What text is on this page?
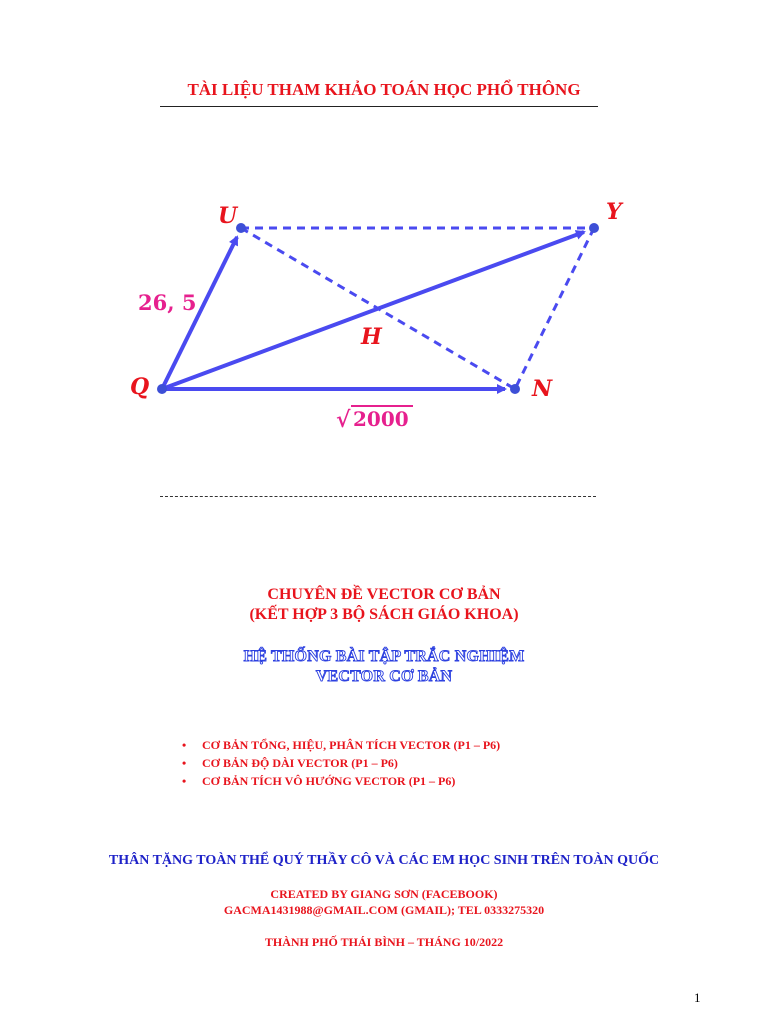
TÀI LIỆU THAM KHẢO TOÁN HỌC PHỔ THÔNG
U	Y
Q	N
H
26, 5
√ 2000
CHUYÊN ĐỀ VECTOR CƠ BẢN
(KẾT HỢP 3 BỘ SÁCH GIÁO KHOA)
HỆ THỐNG BÀI TẬP TRẮC NGHIỆM
VECTOR CƠ BẢN
• CƠ BẢN TỔNG, HIỆU, PHÂN TÍCH VECTOR (P1 – P6)
• CƠ BẢN ĐỘ DÀI VECTOR (P1 – P6)
• CƠ BẢN TÍCH VÔ HƯỚNG VECTOR (P1 – P6)
THÂN TẶNG TOÀN THỂ QUÝ THẦY CÔ VÀ CÁC EM HỌC SINH TRÊN TOÀN QUỐC
CREATED BY GIANG SƠN (FACEBOOK)
GACMA1431988@GMAIL.COM (GMAIL); TEL 0333275320
THÀNH PHỐ THÁI BÌNH – THÁNG 10/2022
1
